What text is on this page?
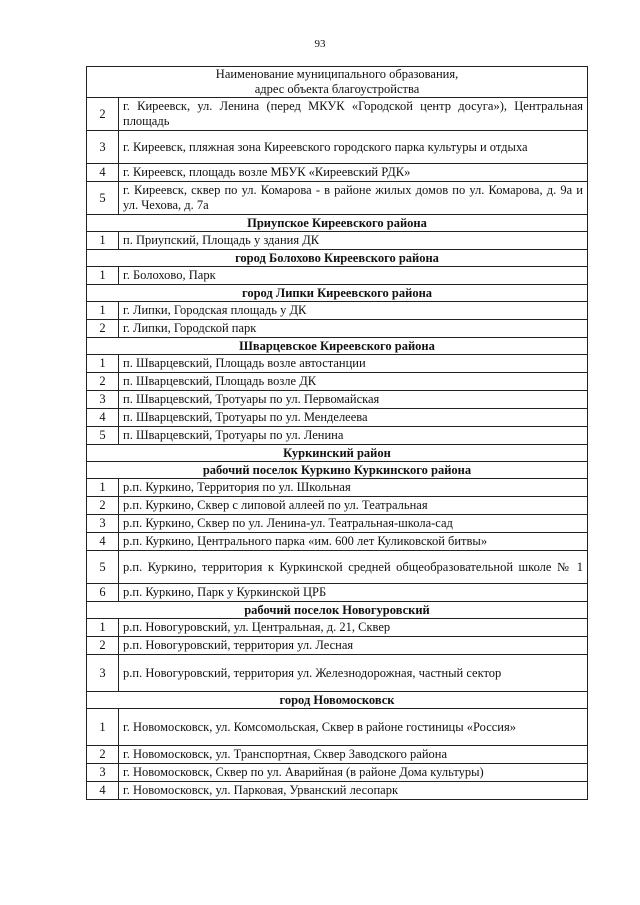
93
Наименование муниципального образования,
адрес объекта благоустройства	

2	г. Киреевск, ул. Ленина (перед МКУК «Городской центр досуга»), Центральная площадь
3	г. Киреевск, пляжная зона Киреевского городского парка культуры и отдыха
4	г. Киреевск, площадь возле МБУК «Киреевский РДК»
5	г. Киреевск, сквер по ул. Комарова - в районе жилых домов по ул. Комарова, д. 9а и ул. Чехова, д. 7а
Приупское Киреевского района	
1	п. Приупский, Площадь у здания ДК
город Болохово Киреевского района	
1	г. Болохово, Парк
город Липки Киреевского района	
1	г. Липки, Городская площадь у ДК
2	г. Липки, Городской парк
Шварцевское Киреевского района	
1	п. Шварцевский, Площадь возле автостанции
2	п. Шварцевский, Площадь возле ДК
3	п. Шварцевский, Тротуары по ул. Первомайская
4	п. Шварцевский, Тротуары по ул. Менделеева
5	п. Шварцевский, Тротуары по ул. Ленина
Куркинский район	
рабочий поселок Куркино Куркинского района	
1	р.п. Куркино, Территория по ул. Школьная
2	р.п. Куркино, Сквер с липовой аллеей по ул. Театральная
3	р.п. Куркино, Сквер по ул. Ленина-ул. Театральная-школа-сад
4	р.п. Куркино, Центрального парка «им. 600 лет Куликовской битвы»
5	р.п. Куркино, территория к Куркинской средней общеобразовательной школе № 1
6	р.п. Куркино, Парк у Куркинской ЦРБ
рабочий поселок Новогуровский	
1	р.п. Новогуровский, ул. Центральная, д. 21, Сквер
2	р.п. Новогуровский, территория ул. Лесная
3	р.п. Новогуровский, территория ул. Железнодорожная, частный сектор
город Новомосковск	
1	г. Новомосковск, ул. Комсомольская, Сквер в районе гостиницы «Россия»
2	г. Новомосковск, ул. Транспортная, Сквер Заводского района
3	г. Новомосковск, Сквер по ул. Аварийная (в районе Дома культуры)
4	г. Новомосковск, ул. Парковая, Урванский лесопарк
